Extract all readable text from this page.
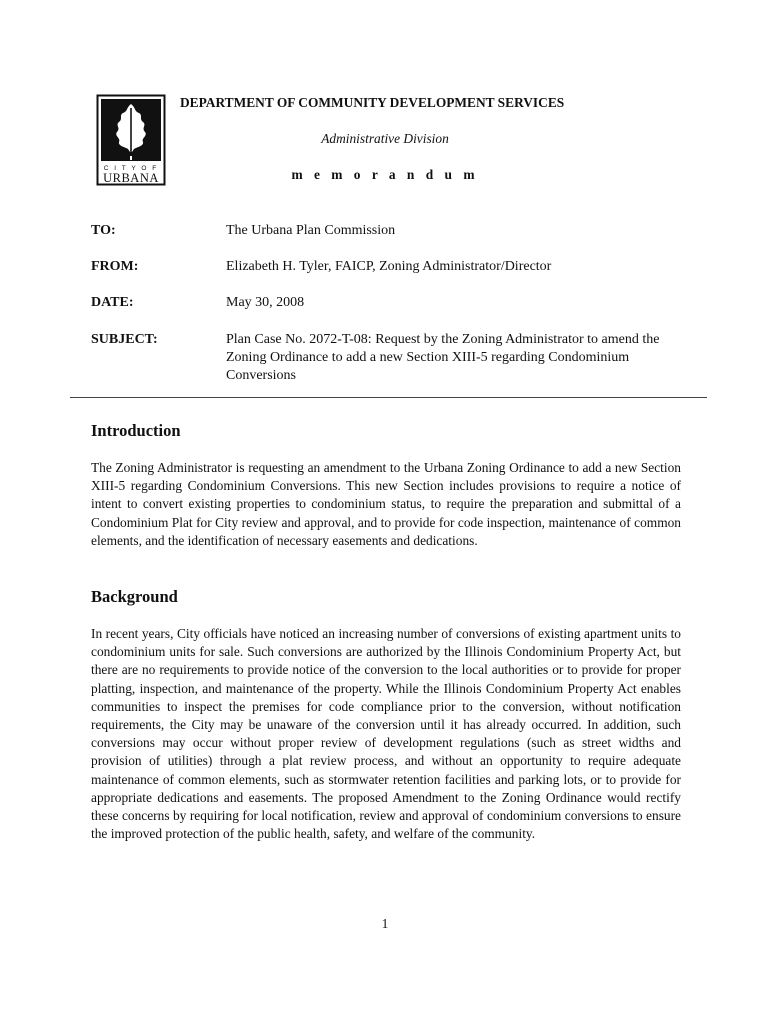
C I T Y O F
URBANA
DEPARTMENT OF COMMUNITY DEVELOPMENT SERVICES
Administrative Division
m e m o r a n d u m
TO:	The Urbana Plan Commission
FROM:	Elizabeth H. Tyler, FAICP, Zoning Administrator/Director
DATE:	May 30, 2008
SUBJECT:	Plan Case No. 2072-T-08: Request by the Zoning Administrator to amend the Zoning Ordinance to add a new Section XIII-5 regarding Condominium Conversions
Introduction

The Zoning Administrator is requesting an amendment to the Urbana Zoning Ordinance to add a new Section XIII-5 regarding Condominium Conversions. This new Section includes provisions to require a notice of intent to convert existing properties to condominium status, to require the preparation and submittal of a Condominium Plat for City review and approval, and to provide for code inspection, maintenance of common elements, and the identification of necessary easements and dedications.

Background

In recent years, City officials have noticed an increasing number of conversions of existing apartment units to condominium units for sale. Such conversions are authorized by the Illinois Condominium Property Act, but there are no requirements to provide notice of the conversion to the local authorities or to provide for proper platting, inspection, and maintenance of the property. While the Illinois Condominium Property Act enables communities to inspect the premises for code compliance prior to the conversion, without notification requirements, the City may be unaware of the conversion until it has already occurred. In addition, such conversions may occur without proper review of development regulations (such as street widths and provision of utilities) through a plat review process, and without an opportunity to require adequate maintenance of common elements, such as stormwater retention facilities and parking lots, or to provide for appropriate dedications and easements. The proposed Amendment to the Zoning Ordinance would rectify these concerns by requiring for local notification, review and approval of condominium conversions to ensure the improved protection of the public health, safety, and welfare of the community.

1
